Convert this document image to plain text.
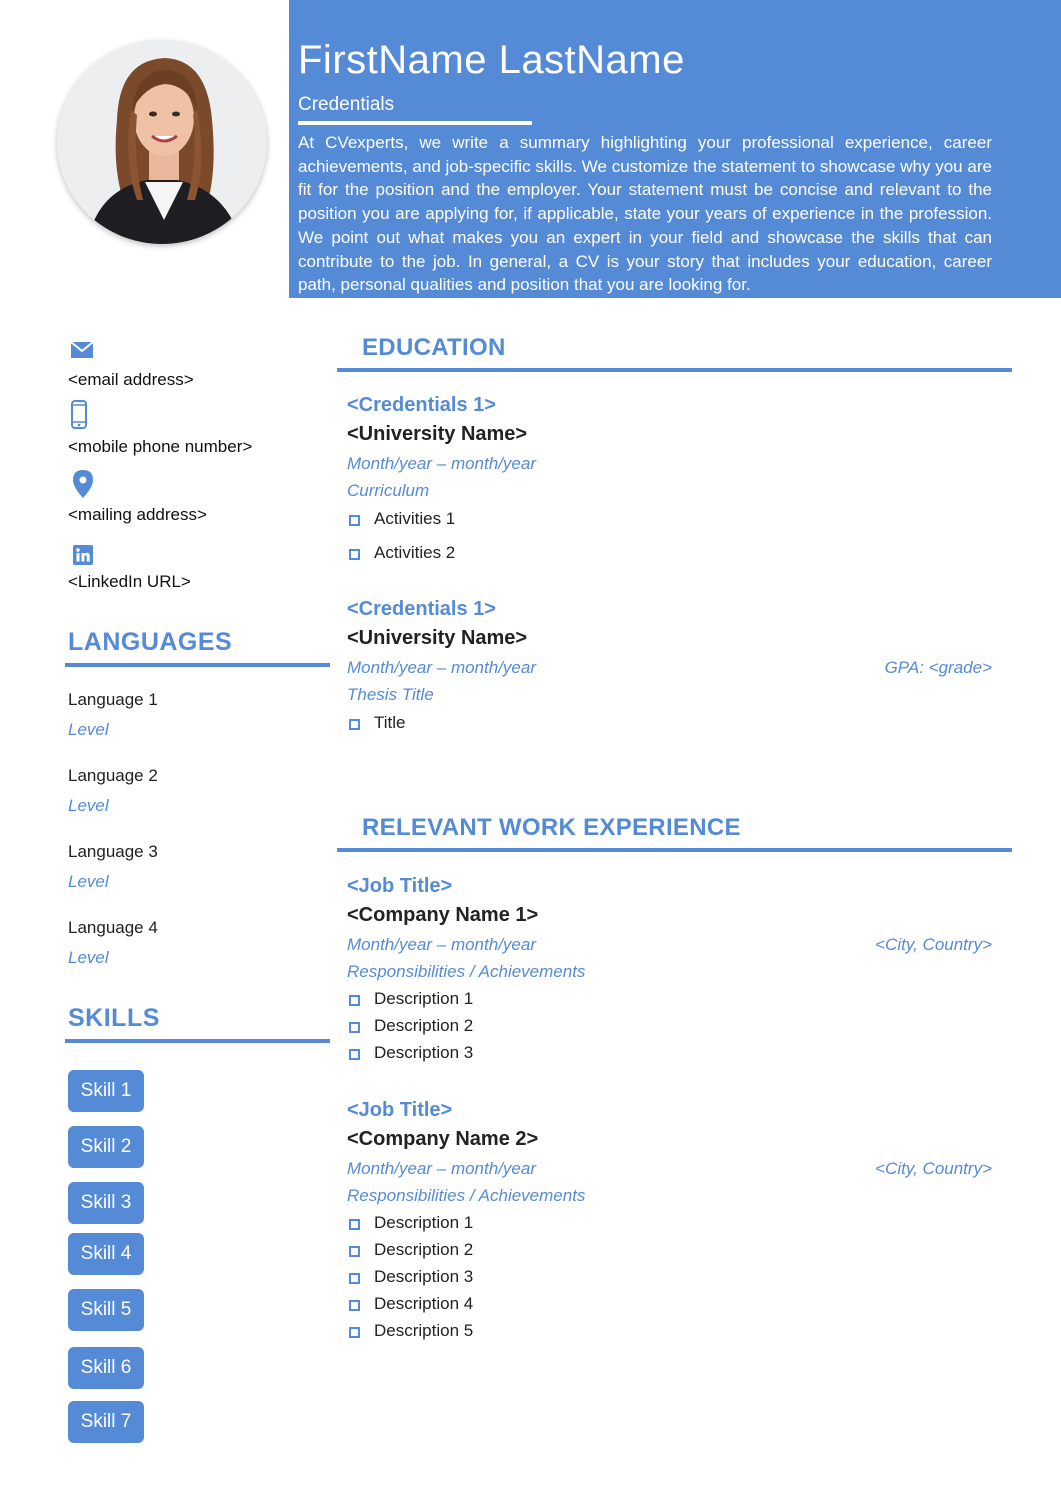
FirstName LastName
Credentials

At CVexperts, we write a summary highlighting your professional experience, career achievements, and job-specific skills. We customize the statement to showcase why you are fit for the position and the employer. Your statement must be concise and relevant to the position you are applying for, if applicable, state your years of experience in the profession. We point out what makes you an expert in your field and showcase the skills that can contribute to the job. In general, a CV is your story that includes your education, career path, personal qualities and position that you are looking for.

<email address>
<mobile phone number>
<mailing address>
<LinkedIn URL>
LANGUAGES
Language 1
Level
Language 2
Level
Language 3
Level
Language 4
Level
SKILLS
Skill 1
Skill 2
Skill 3
Skill 4
Skill 5
Skill 6
Skill 7
EDUCATION
<Credentials 1>
<University Name>
Month/year – month/year
Curriculum
Activities 1
Activities 2
<Credentials 1>
<University Name>
Month/year – month/year	GPA: <grade>
Thesis Title
Title
RELEVANT WORK EXPERIENCE
<Job Title>
<Company Name 1>
Month/year – month/year	<City, Country>
Responsibilities / Achievements
Description 1
Description 2
Description 3
<Job Title>
<Company Name 2>
Month/year – month/year	<City, Country>
Responsibilities / Achievements
Description 1
Description 2
Description 3
Description 4
Description 5
